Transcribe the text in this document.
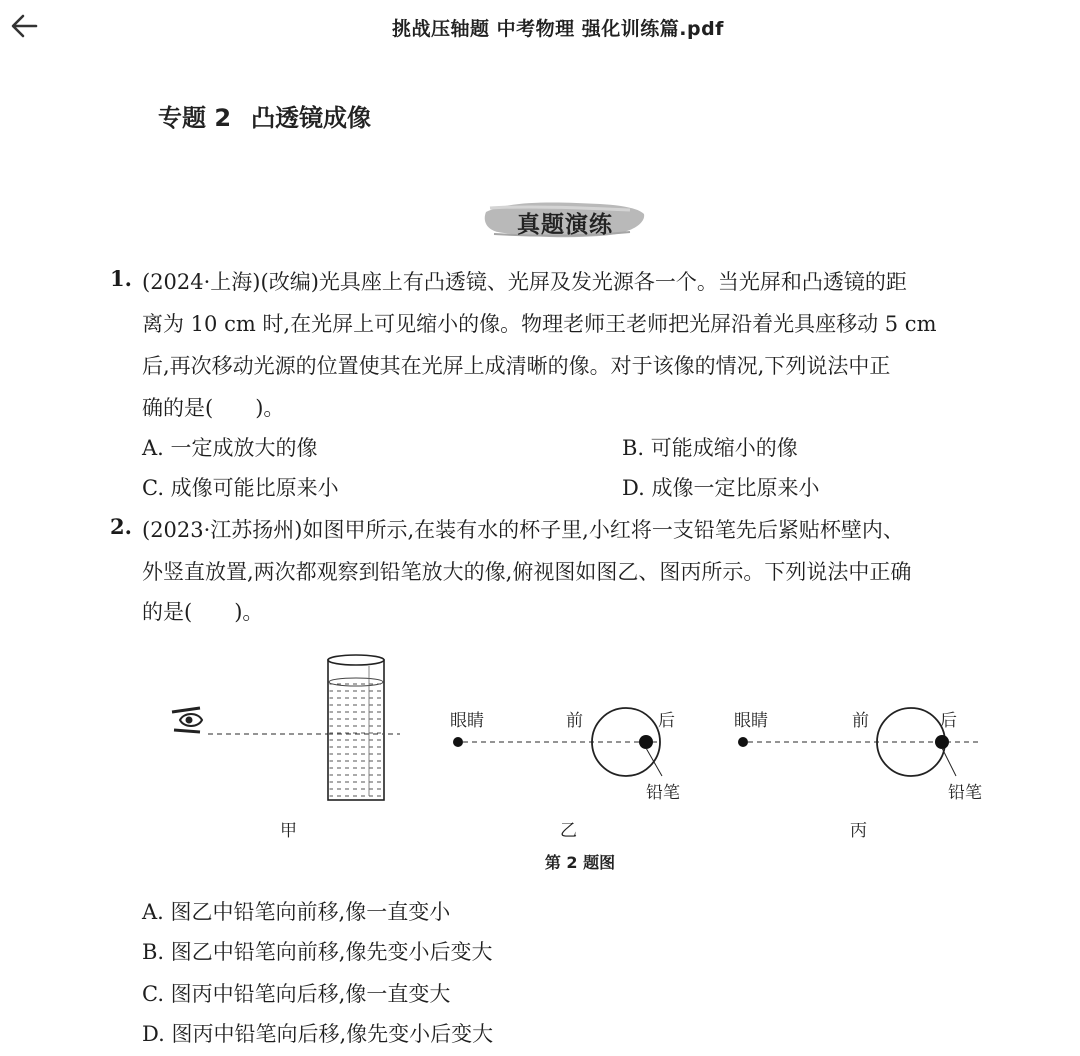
挑战压轴题 中考物理 强化训练篇.pdf
专题 2 凸透镜成像
真题演练
1. (2024·上海)(改编)光具座上有凸透镜、光屏及发光源各一个。当光屏和凸透镜的距
离为 10 cm 时,在光屏上可见缩小的像。物理老师王老师把光屏沿着光具座移动 5 cm
后,再次移动光源的位置使其在光屏上成清晰的像。对于该像的情况,下列说法中正
确的是(　　)。
A. 一定成放大的像	B. 可能成缩小的像
C. 成像可能比原来小	D. 成像一定比原来小
2. (2023·江苏扬州)如图甲所示,在装有水的杯子里,小红将一支铅笔先后紧贴杯壁内、
外竖直放置,两次都观察到铅笔放大的像,俯视图如图乙、图丙所示。下列说法中正确
的是(　　)。
甲	乙	丙
眼睛	前	后
铅笔
眼睛	前	后
铅笔
第 2 题图
A. 图乙中铅笔向前移,像一直变小
B. 图乙中铅笔向前移,像先变小后变大
C. 图丙中铅笔向后移,像一直变大
D. 图丙中铅笔向后移,像先变小后变大
